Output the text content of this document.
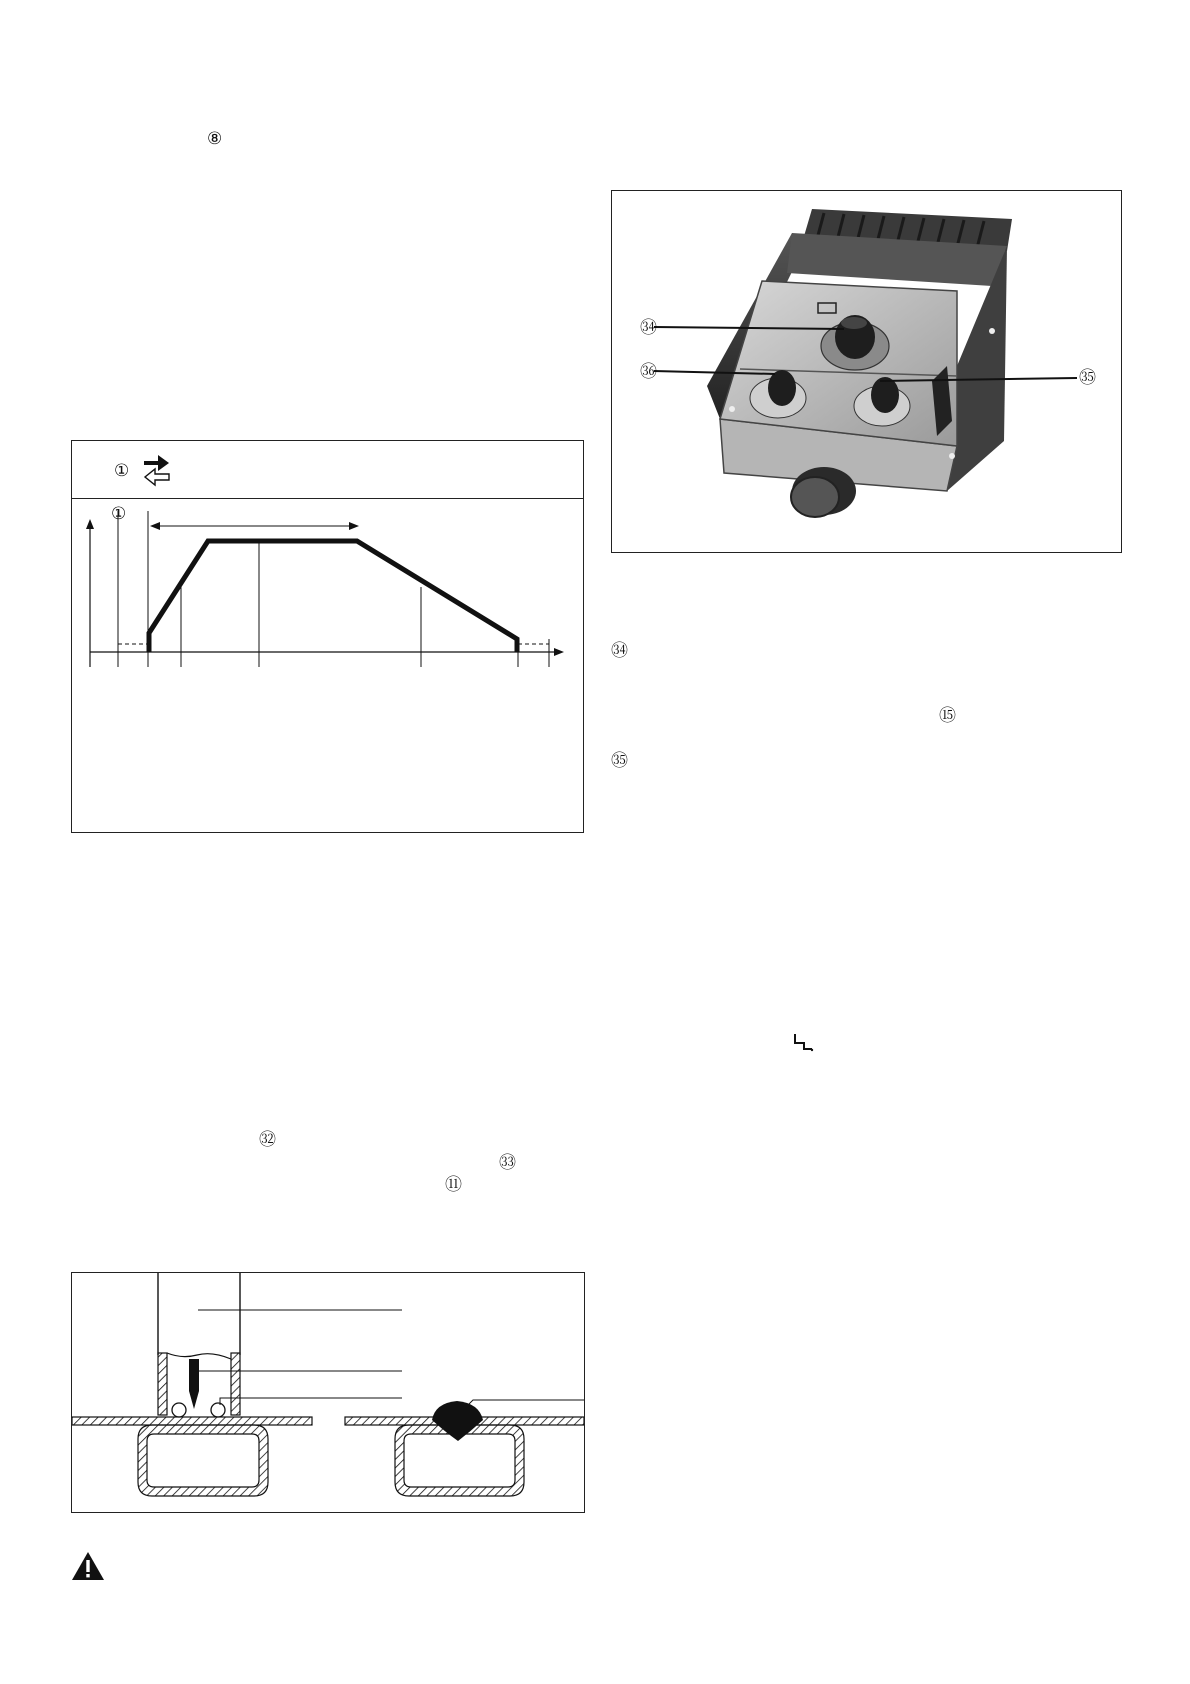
⑧
①
①
㉜
㉝
⑪
㉞
㊱	㉟
㉞
⑮
㉟
